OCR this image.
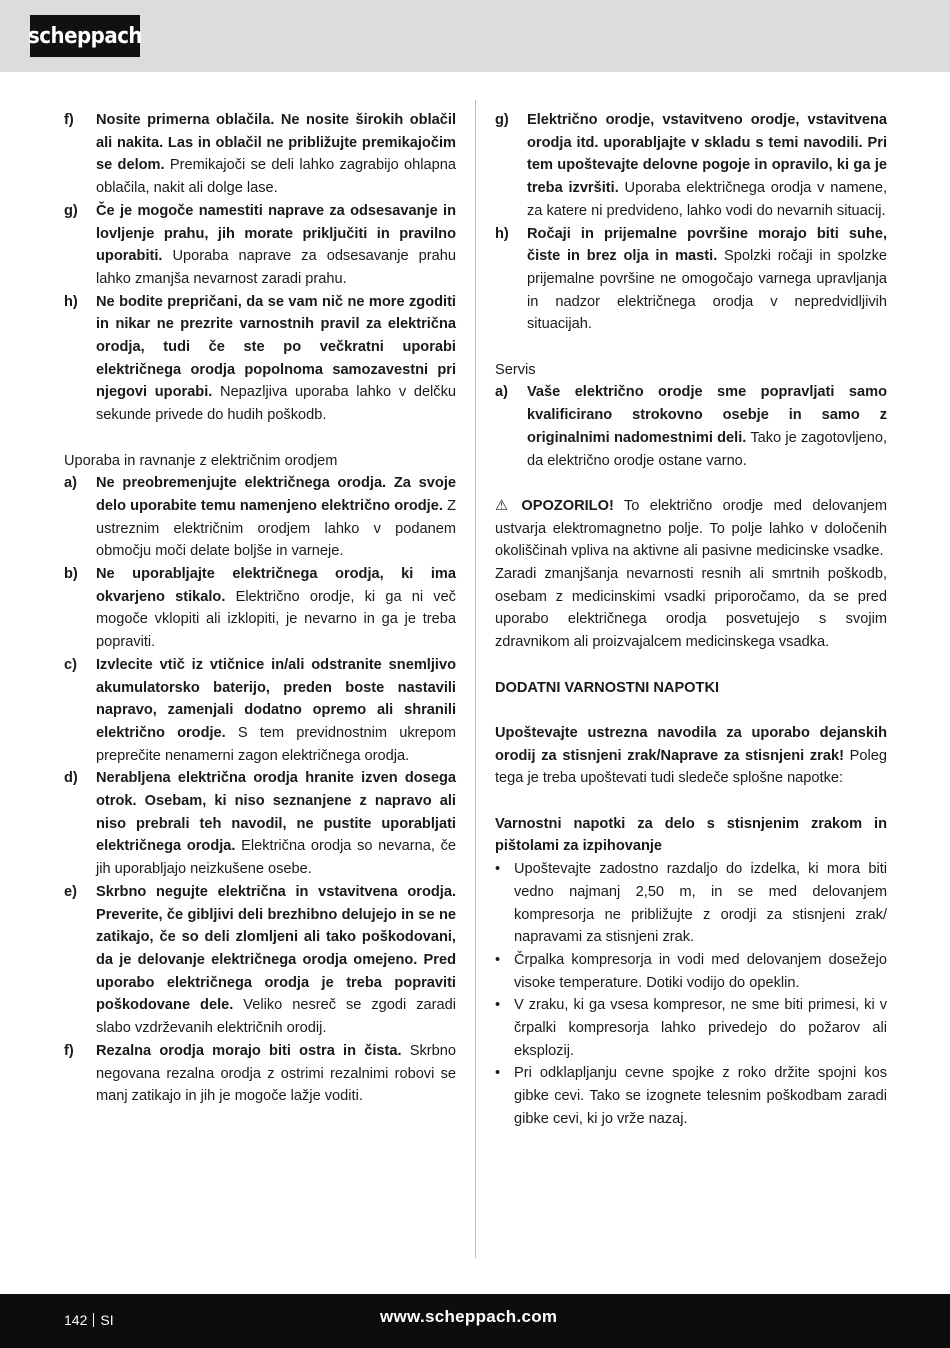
scheppach
f)	Nosite primerna oblačila. Ne nosite širokih oblačil ali nakita. Las in oblačil ne približujte premikajočim se delom. Premikajoči se deli lahko zagrabijo ohlapna oblačila, nakit ali dolge lase.
g)	Če je mogoče namestiti naprave za odsesavanje in lovljenje prahu, jih morate priključiti in pravilno uporabiti. Uporaba naprave za odsesavanje prahu lahko zmanjša nevarnost zaradi prahu.
h)	Ne bodite prepričani, da se vam nič ne more zgoditi in nikar ne prezrite varnostnih pravil za električna orodja, tudi če ste po večkratni uporabi električnega orodja popolnoma samozavestni pri njegovi uporabi. Nepazljiva uporaba lahko v delčku sekunde privede do hudih poškodb.
Uporaba in ravnanje z električnim orodjem
a)	Ne preobremenjujte električnega orodja. Za svoje delo uporabite temu namenjeno električno orodje. Z ustreznim električnim orodjem lahko v podanem območju moči delate boljše in varneje.
b)	Ne uporabljajte električnega orodja, ki ima okvarjeno stikalo. Električno orodje, ki ga ni več mogoče vklopiti ali izklopiti, je nevarno in ga je treba popraviti.
c)	Izvlecite vtič iz vtičnice in/ali odstranite snemljivo akumulatorsko baterijo, preden boste nastavili napravo, zamenjali dodatno opremo ali shranili električno orodje. S tem previdnostnim ukrepom preprečite nenamerni zagon električnega orodja.
d)	Nerabljena električna orodja hranite izven dosega otrok. Osebam, ki niso seznanjene z napravo ali niso prebrali teh navodil, ne pustite uporabljati električnega orodja. Električna orodja so nevarna, če jih uporabljajo neizkušene osebe.
e)	Skrbno negujte električna in vstavitvena orodja. Preverite, če gibljivi deli brezhibno delujejo in se ne zatikajo, če so deli zlomljeni ali tako poškodovani, da je delovanje električnega orodja omejeno. Pred uporabo električnega orodja je treba popraviti poškodovane dele. Veliko nesreč se zgodi zaradi slabo vzdrževanih električnih orodij.
f)	Rezalna orodja morajo biti ostra in čista. Skrbno negovana rezalna orodja z ostrimi rezalnimi robovi se manj zatikajo in jih je mogoče lažje voditi.
g)	Električno orodje, vstavitveno orodje, vstavitvena orodja itd. uporabljajte v skladu s temi navodili. Pri tem upoštevajte delovne pogoje in opravilo, ki ga je treba izvršiti. Uporaba električnega orodja v namene, za katere ni predvideno, lahko vodi do nevarnih situacij.
h)	Ročaji in prijemalne površine morajo biti suhe, čiste in brez olja in masti. Spolzki ročaji in spolzke prijemalne površine ne omogočajo varnega upravljanja in nadzor električnega orodja v nepredvidljivih situacijah.
Servis
a)	Vaše električno orodje sme popravljati samo kvalificirano strokovno osebje in samo z originalnimi nadomestnimi deli. Tako je zagotovljeno, da električno orodje ostane varno.
⚠ OPOZORILO! To električno orodje med delovanjem ustvarja elektromagnetno polje. To polje lahko v določenih okoliščinah vpliva na aktivne ali pasivne medicinske vsadke.
Zaradi zmanjšanja nevarnosti resnih ali smrtnih poškodb, osebam z medicinskimi vsadki priporočamo, da se pred uporabo električnega orodja posvetujejo s svojim zdravnikom ali proizvajalcem medicinskega vsadka.
DODATNI VARNOSTNI NAPOTKI
Upoštevajte ustrezna navodila za uporabo dejanskih orodij za stisnjeni zrak/Naprave za stisnjeni zrak! Poleg tega je treba upoštevati tudi sledeče splošne napotke:
Varnostni napotki za delo s stisnjenim zrakom in pištolami za izpihovanje
• Upoštevajte zadostno razdaljo do izdelka, ki mora biti vedno najmanj 2,50 m, in se med delovanjem kompresorja ne približujte z orodji za stisnjeni zrak/ napravami za stisnjeni zrak.
• Črpalka kompresorja in vodi med delovanjem dosežejo visoke temperature. Dotiki vodijo do opeklin.
• V zraku, ki ga vsesa kompresor, ne sme biti primesi, ki v črpalki kompresorja lahko privedejo do požarov ali eksplozij.
• Pri odklapljanju cevne spojke z roko držite spojni kos gibke cevi. Tako se izognete telesnim poškodbam zaradi gibke cevi, ki jo vrže nazaj.
142 SI	www.scheppach.com
